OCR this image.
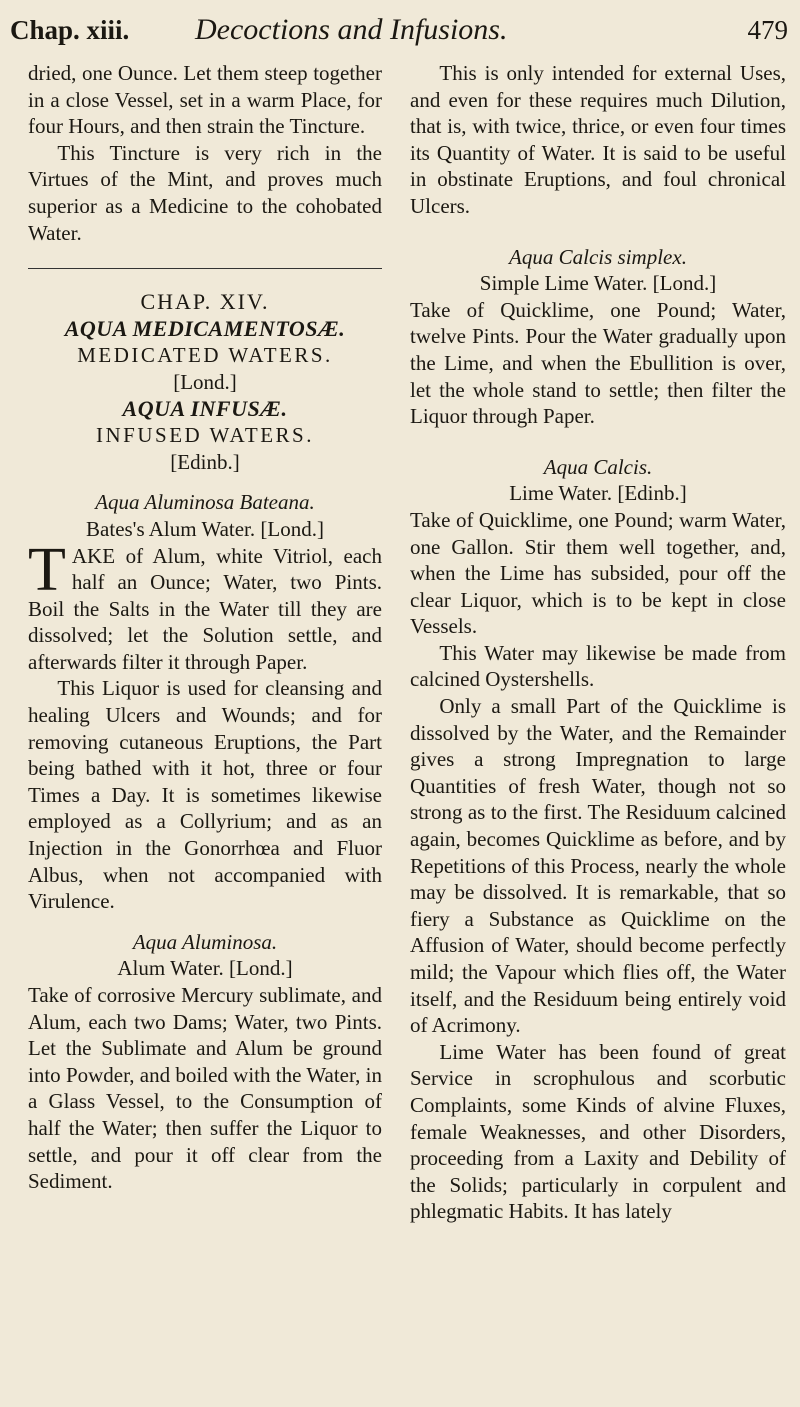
Chap. xiii. Decoctions and Infusions.	479

dried, one Ounce. Let them steep together in a close Vessel, set in a warm Place, for four Hours, and then strain the Tincture.

This Tincture is very rich in the Virtues of the Mint, and proves much superior as a Medicine to the cohobated Water.

CHAP. XIV.

AQUA MEDICAMENTOSÆ.

MEDICATED WATERS.

[Lond.]

AQUA INFUSÆ.

INFUSED WATERS.

[Edinb.]

Aqua Aluminosa Bateana.

Bates's Alum Water. [Lond.]

TAKE of Alum, white Vitriol, each half an Ounce; Water, two Pints. Boil the Salts in the Water till they are dissolved; let the Solution settle, and afterwards filter it through Paper.

This Liquor is used for cleansing and healing Ulcers and Wounds; and for removing cutaneous Eruptions, the Part being bathed with it hot, three or four Times a Day. It is sometimes likewise employed as a Collyrium; and as an Injection in the Gonorrhœa and Fluor Albus, when not accompanied with Virulence.

Aqua Aluminosa.

Alum Water. [Lond.]

Take of corrosive Mercury sublimate, and Alum, each two Dams; Water, two Pints. Let the Sublimate and Alum be ground into Powder, and boiled with the Water, in a Glass Vessel, to the Consumption of half the Water; then suffer the Liquor to settle, and pour it off clear from the Sediment.

This is only intended for external Uses, and even for these requires much Dilution, that is, with twice, thrice, or even four times its Quantity of Water. It is said to be useful in obstinate Eruptions, and foul chronical Ulcers.

Aqua Calcis simplex.

Simple Lime Water. [Lond.]

Take of Quicklime, one Pound; Water, twelve Pints. Pour the Water gradually upon the Lime, and when the Ebullition is over, let the whole stand to settle; then filter the Liquor through Paper.

Aqua Calcis.

Lime Water. [Edinb.]

Take of Quicklime, one Pound; warm Water, one Gallon. Stir them well together, and, when the Lime has subsided, pour off the clear Liquor, which is to be kept in close Vessels.

This Water may likewise be made from calcined Oystershells.

Only a small Part of the Quicklime is dissolved by the Water, and the Remainder gives a strong Impregnation to large Quantities of fresh Water, though not so strong as to the first. The Residuum calcined again, becomes Quicklime as before, and by Repetitions of this Process, nearly the whole may be dissolved. It is remarkable, that so fiery a Substance as Quicklime on the Affusion of Water, should become perfectly mild; the Vapour which flies off, the Water itself, and the Residuum being entirely void of Acrimony.

Lime Water has been found of great Service in scrophulous and scorbutic Complaints, some Kinds of alvine Fluxes, female Weaknesses, and other Disorders, proceeding from a Laxity and Debility of the Solids; particularly in corpulent and phlegmatic Habits. It has lately
